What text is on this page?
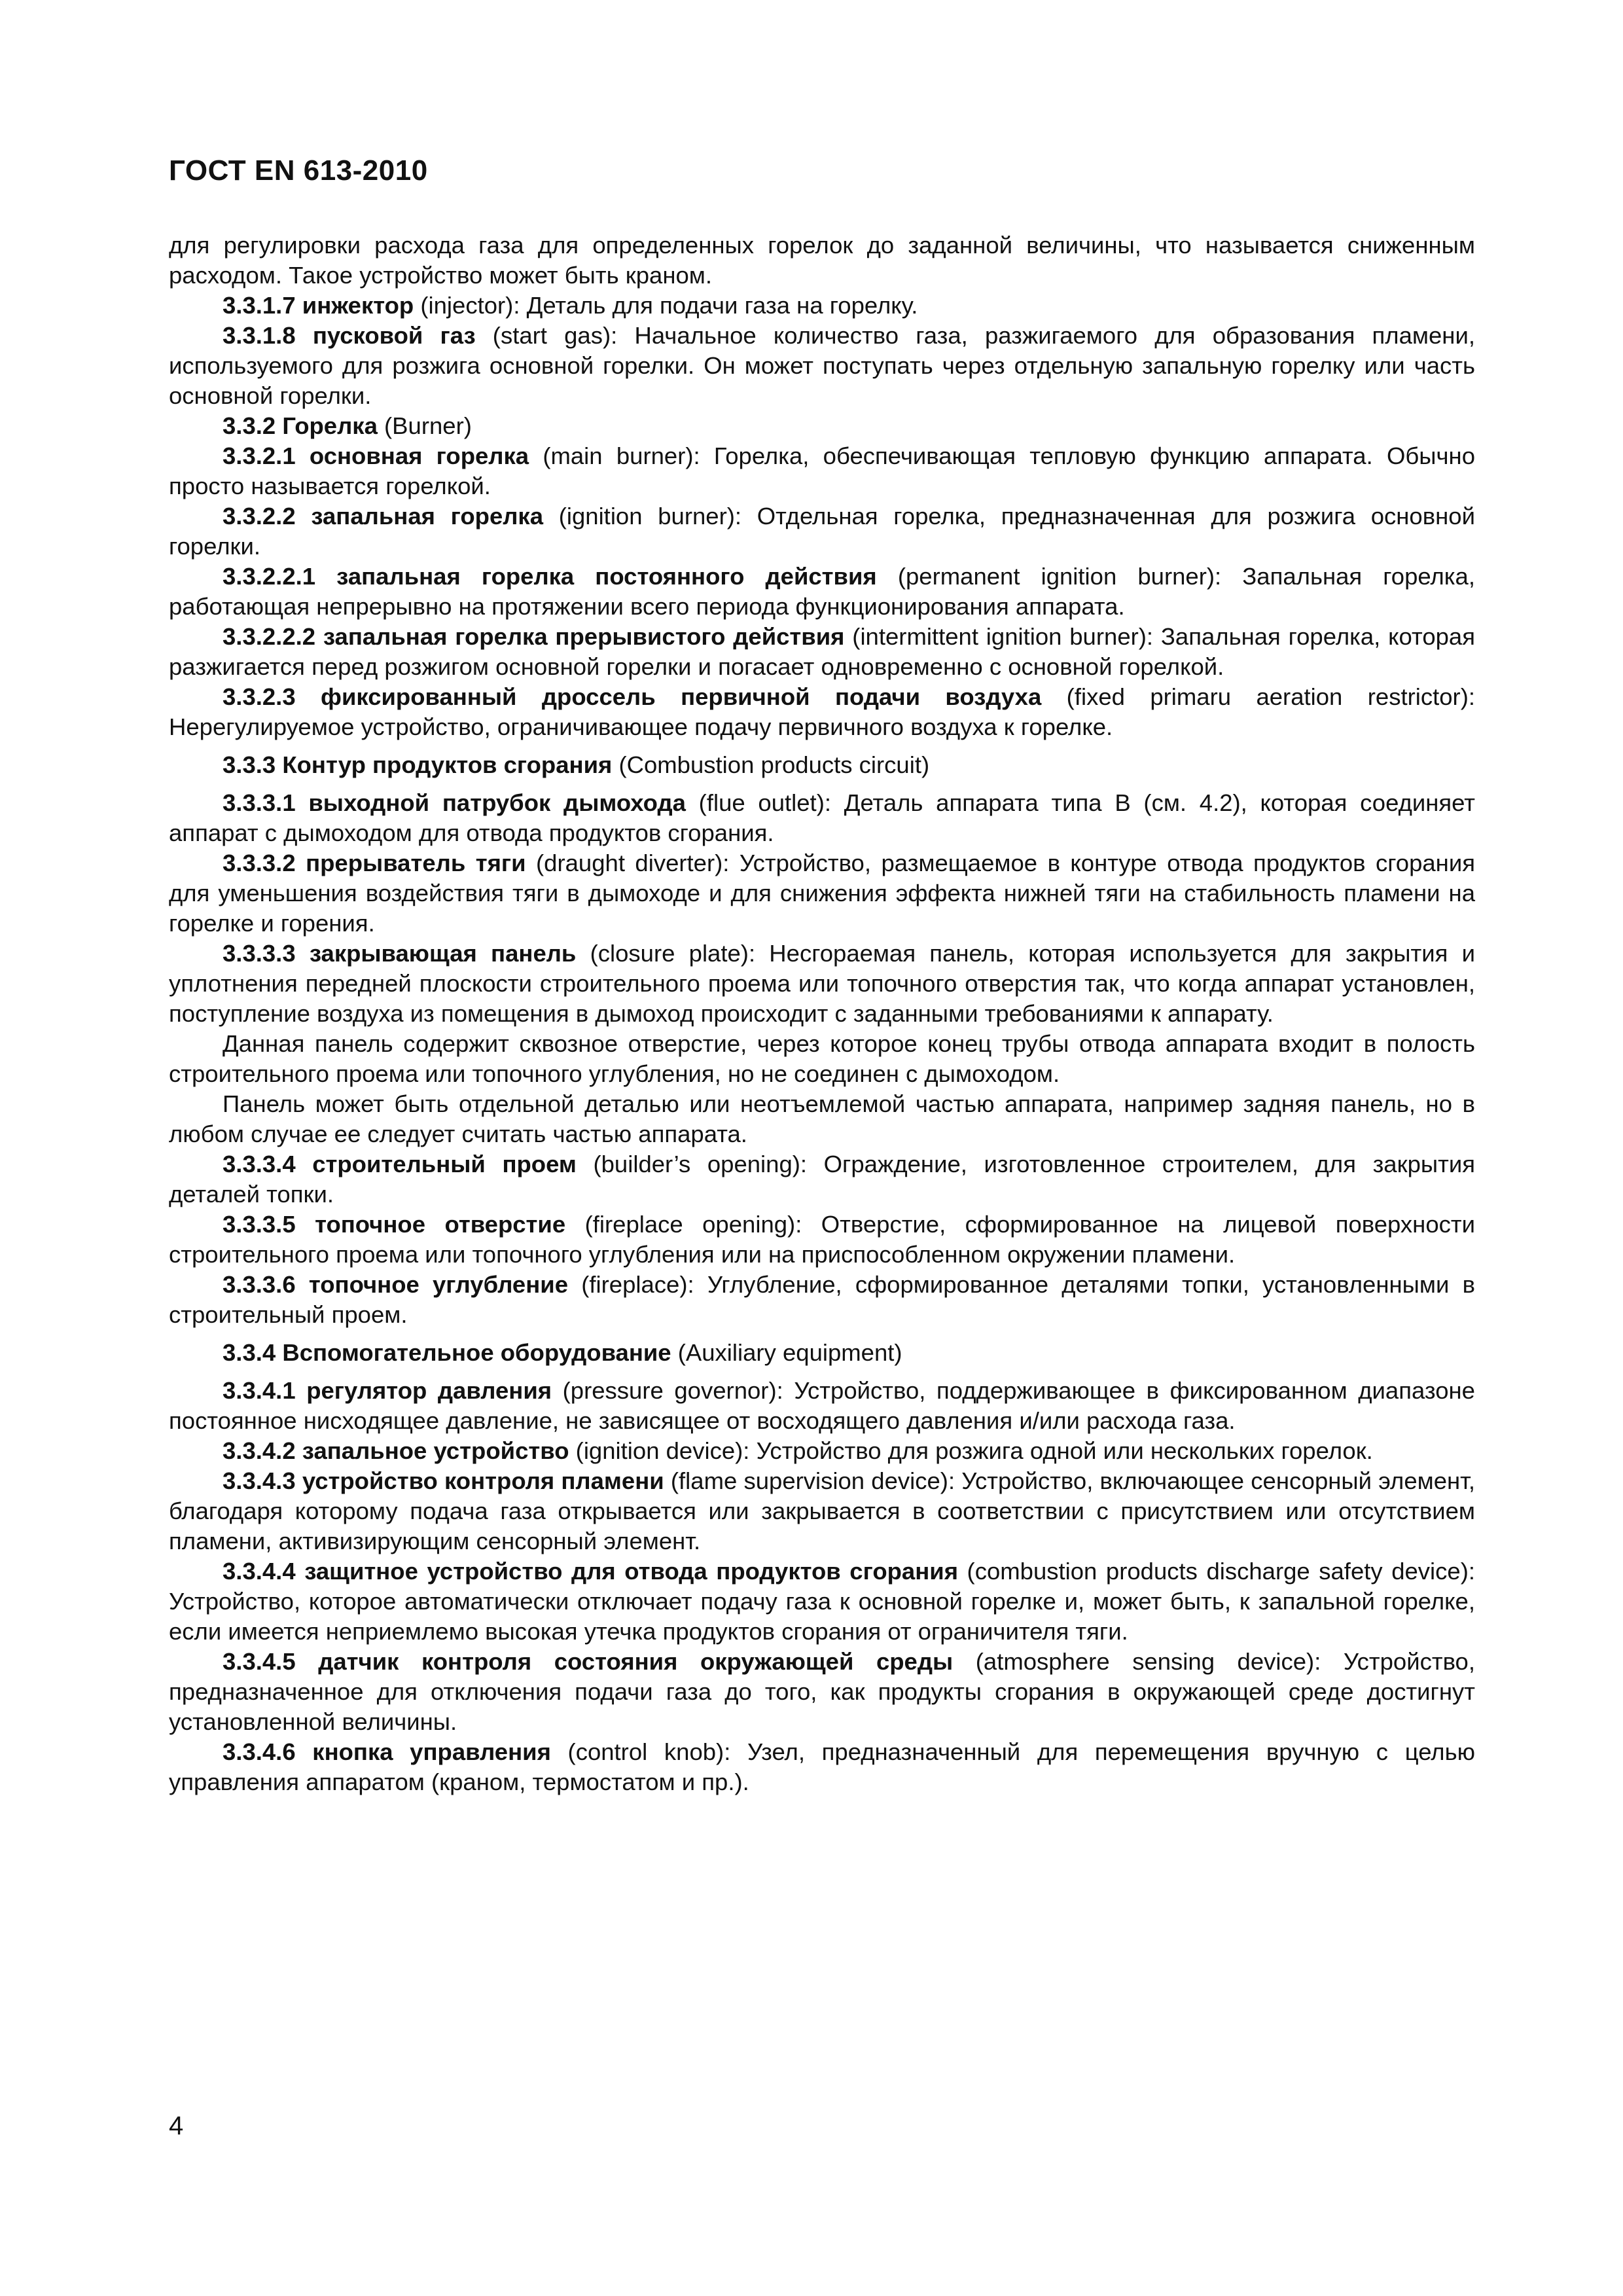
ГОСТ EN 613-2010

для регулировки расхода газа для определенных горелок до заданной величины, что называется сниженным расходом. Такое устройство может быть краном.

3.3.1.7 инжектор (injector): Деталь для подачи газа на горелку.

3.3.1.8 пусковой газ (start gas): Начальное количество газа, разжигаемого для образования пламени, используемого для розжига основной горелки. Он может поступать через отдельную запальную горелку или часть основной горелки.

3.3.2 Горелка (Burner)

3.3.2.1 основная горелка (main burner): Горелка, обеспечивающая тепловую функцию аппарата. Обычно просто называется горелкой.

3.3.2.2 запальная горелка (ignition burner): Отдельная горелка, предназначенная для розжига основной горелки.

3.3.2.2.1 запальная горелка постоянного действия (permanent ignition burner): Запальная горелка, работающая непрерывно на протяжении всего периода функционирования аппарата.

3.3.2.2.2 запальная горелка прерывистого действия (intermittent ignition burner): Запальная горелка, которая разжигается перед розжигом основной горелки и погасает одновременно с основной горелкой.

3.3.2.3 фиксированный дроссель первичной подачи воздуха (fixed primaru aeration restrictor): Нерегулируемое устройство, ограничивающее подачу первичного воздуха к горелке.

3.3.3 Контур продуктов сгорания (Combustion products circuit)

3.3.3.1 выходной патрубок дымохода (flue outlet): Деталь аппарата типа B (см. 4.2), которая соединяет аппарат с дымоходом для отвода продуктов сгорания.

3.3.3.2 прерыватель тяги (draught diverter): Устройство, размещаемое в контуре отвода продуктов сгорания для уменьшения воздействия тяги в дымоходе и для снижения эффекта нижней тяги на стабильность пламени на горелке и горения.

3.3.3.3 закрывающая панель (closure plate): Несгораемая панель, которая используется для закрытия и уплотнения передней плоскости строительного проема или топочного отверстия так, что когда аппарат установлен, поступление воздуха из помещения в дымоход происходит с заданными требованиями к аппарату.

Данная панель содержит сквозное отверстие, через которое конец трубы отвода аппарата входит в полость строительного проема или топочного углубления, но не соединен с дымоходом.

Панель может быть отдельной деталью или неотъемлемой частью аппарата, например задняя панель, но в любом случае ее следует считать частью аппарата.

3.3.3.4 строительный проем (builder’s opening): Ограждение, изготовленное строителем, для закрытия деталей топки.

3.3.3.5 топочное отверстие (fireplace opening): Отверстие, сформированное на лицевой поверхности строительного проема или топочного углубления или на приспособленном окружении пламени.

3.3.3.6 топочное углубление (fireplace): Углубление, сформированное деталями топки, установленными в строительный проем.

3.3.4 Вспомогательное оборудование (Auxiliary equipment)

3.3.4.1 регулятор давления (pressure governor): Устройство, поддерживающее в фиксированном диапазоне постоянное нисходящее давление, не зависящее от восходящего давления и/или расхода газа.

3.3.4.2 запальное устройство (ignition device): Устройство для розжига одной или нескольких горелок.

3.3.4.3 устройство контроля пламени (flame supervision device): Устройство, включающее сенсорный элемент, благодаря которому подача газа открывается или закрывается в соответствии с присутствием или отсутствием пламени, активизирующим сенсорный элемент.

3.3.4.4 защитное устройство для отвода продуктов сгорания (combustion products discharge safety device): Устройство, которое автоматически отключает подачу газа к основной горелке и, может быть, к запальной горелке, если имеется неприемлемо высокая утечка продуктов сгорания от ограничителя тяги.

3.3.4.5 датчик контроля состояния окружающей среды (atmosphere sensing device): Устройство, предназначенное для отключения подачи газа до того, как продукты сгорания в окружающей среде достигнут установленной величины.

3.3.4.6 кнопка управления (control knob): Узел, предназначенный для перемещения вручную с целью управления аппаратом (краном, термостатом и пр.).

4
